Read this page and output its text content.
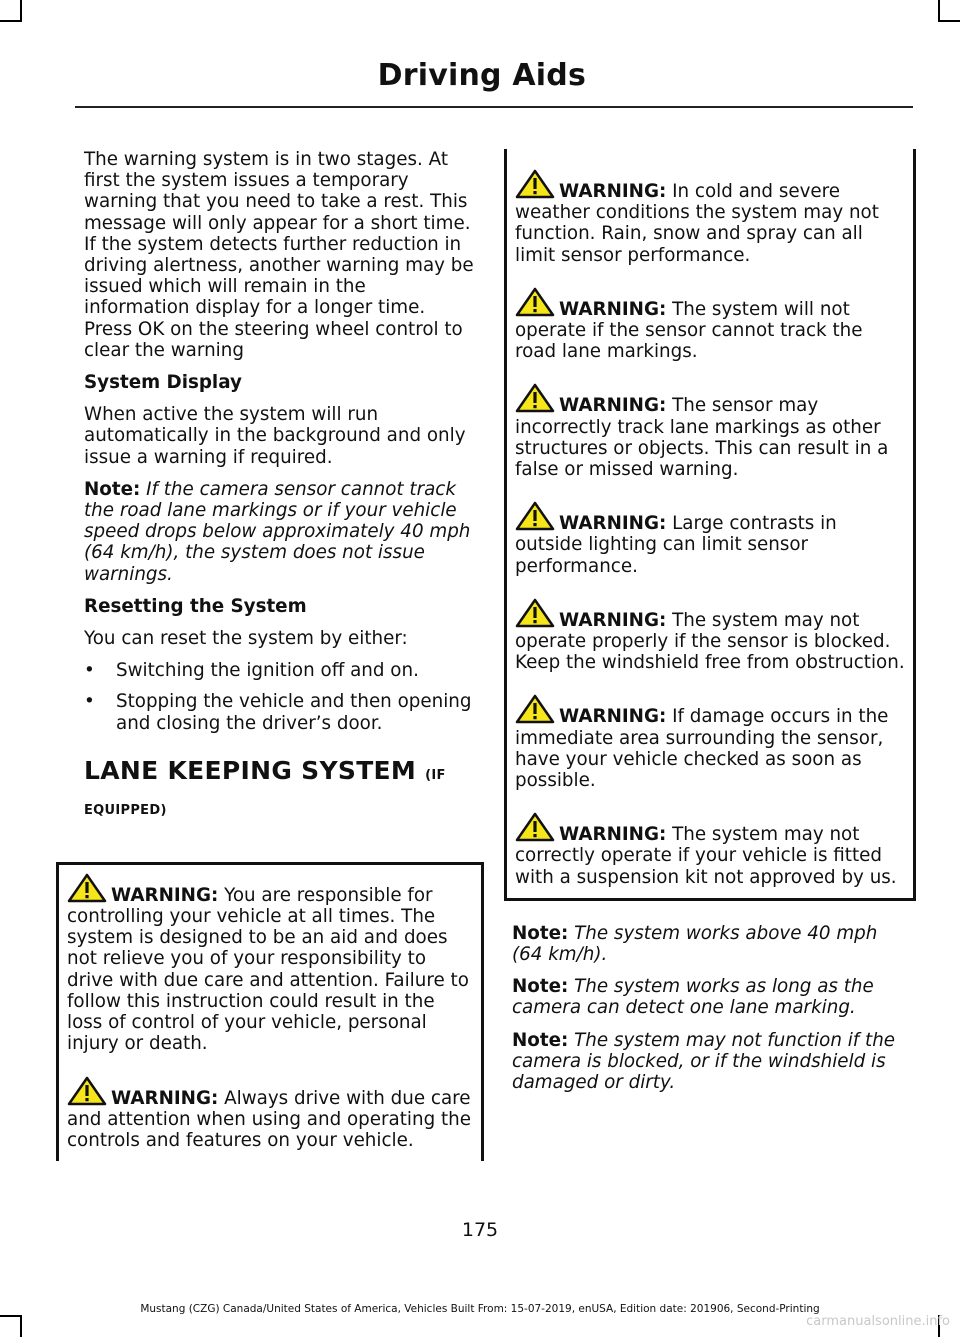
Driving Aids

The warning system is in two stages. At first the system issues a temporary warning that you need to take a rest. This message will only appear for a short time. If the system detects further reduction in driving alertness, another warning may be issued which will remain in the information display for a longer time. Press OK on the steering wheel control to clear the warning

System Display

When active the system will run automatically in the background and only issue a warning if required.

Note: If the camera sensor cannot track the road lane markings or if your vehicle speed drops below approximately 40 mph (64 km/h), the system does not issue warnings.

Resetting the System

You can reset the system by either:

• Switching the ignition off and on.
• Stopping the vehicle and then opening and closing the driver’s door.
LANE KEEPING SYSTEM (IF EQUIPPED)
WARNING: You are responsible for controlling your vehicle at all times. The system is designed to be an aid and does not relieve you of your responsibility to drive with due care and attention. Failure to follow this instruction could result in the loss of control of your vehicle, personal injury or death.
WARNING: Always drive with due care and attention when using and operating the controls and features on your vehicle.
WARNING: In cold and severe weather conditions the system may not function. Rain, snow and spray can all limit sensor performance.
WARNING: The system will not operate if the sensor cannot track the road lane markings.
WARNING: The sensor may incorrectly track lane markings as other structures or objects. This can result in a false or missed warning.
WARNING: Large contrasts in outside lighting can limit sensor performance.
WARNING: The system may not operate properly if the sensor is blocked. Keep the windshield free from obstruction.
WARNING: If damage occurs in the immediate area surrounding the sensor, have your vehicle checked as soon as possible.
WARNING: The system may not correctly operate if your vehicle is fitted with a suspension kit not approved by us.

Note: The system works above 40 mph (64 km/h).

Note: The system works as long as the camera can detect one lane marking.

Note: The system may not function if the camera is blocked, or if the windshield is damaged or dirty.

175
Mustang (CZG) Canada/United States of America, Vehicles Built From: 15-07-2019, enUSA, Edition date: 201906, Second-Printing
carmanualsonline.info
